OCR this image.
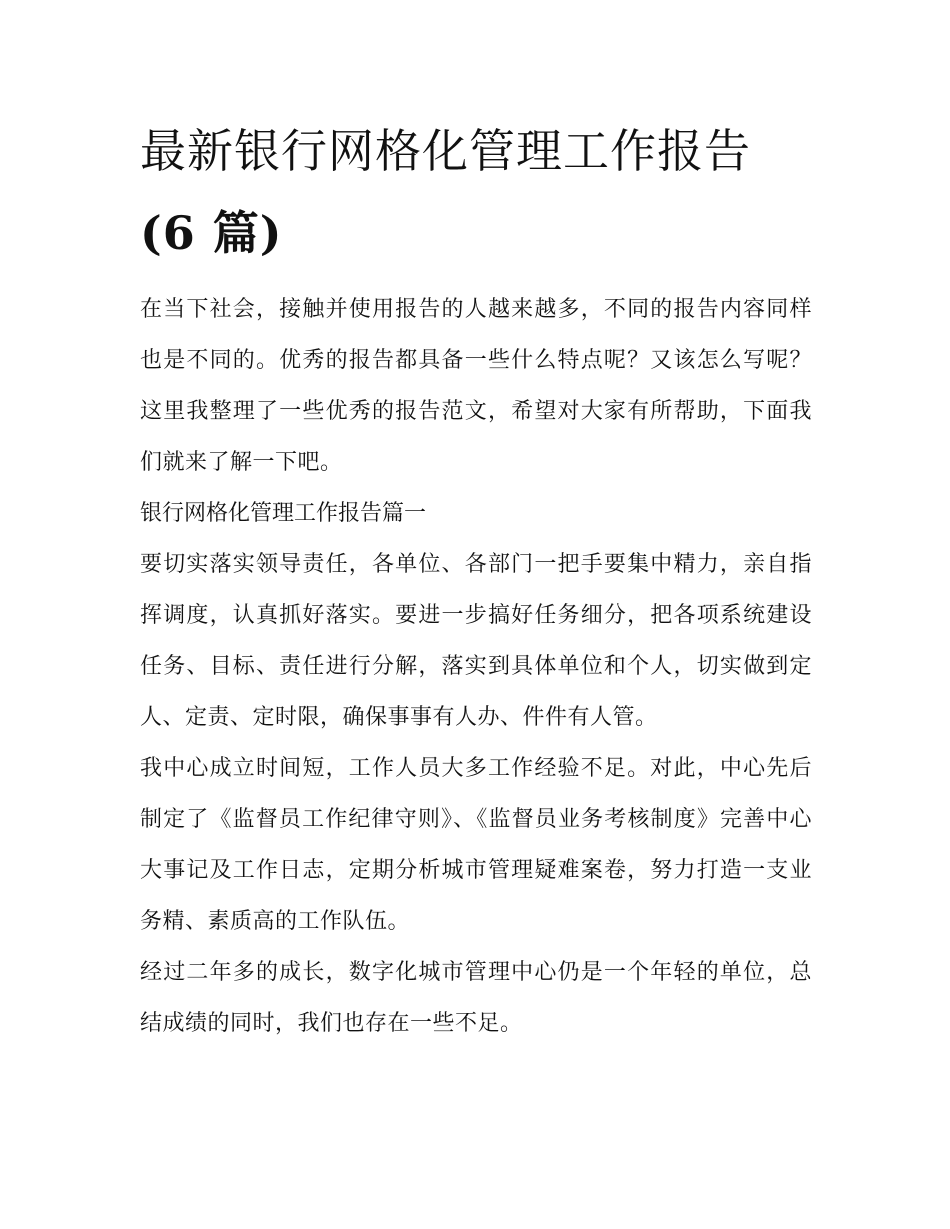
最新银行网格化管理工作报告
(6 篇)

在当下社会，接触并使用报告的人越来越多，不同的报告内容同样也是不同的。优秀的报告都具备一些什么特点呢？又该怎么写呢？这里我整理了一些优秀的报告范文，希望对大家有所帮助，下面我们就来了解一下吧。

银行网格化管理工作报告篇一

要切实落实领导责任，各单位、各部门一把手要集中精力，亲自指挥调度，认真抓好落实。要进一步搞好任务细分，把各项系统建设任务、目标、责任进行分解，落实到具体单位和个人，切实做到定人、定责、定时限，确保事事有人办、件件有人管。

我中心成立时间短，工作人员大多工作经验不足。对此，中心先后制定了《监督员工作纪律守则》、《监督员业务考核制度》完善中心大事记及工作日志，定期分析城市管理疑难案卷，努力打造一支业务精、素质高的工作队伍。

经过二年多的成长，数字化城市管理中心仍是一个年轻的单位，总结成绩的同时，我们也存在一些不足。
